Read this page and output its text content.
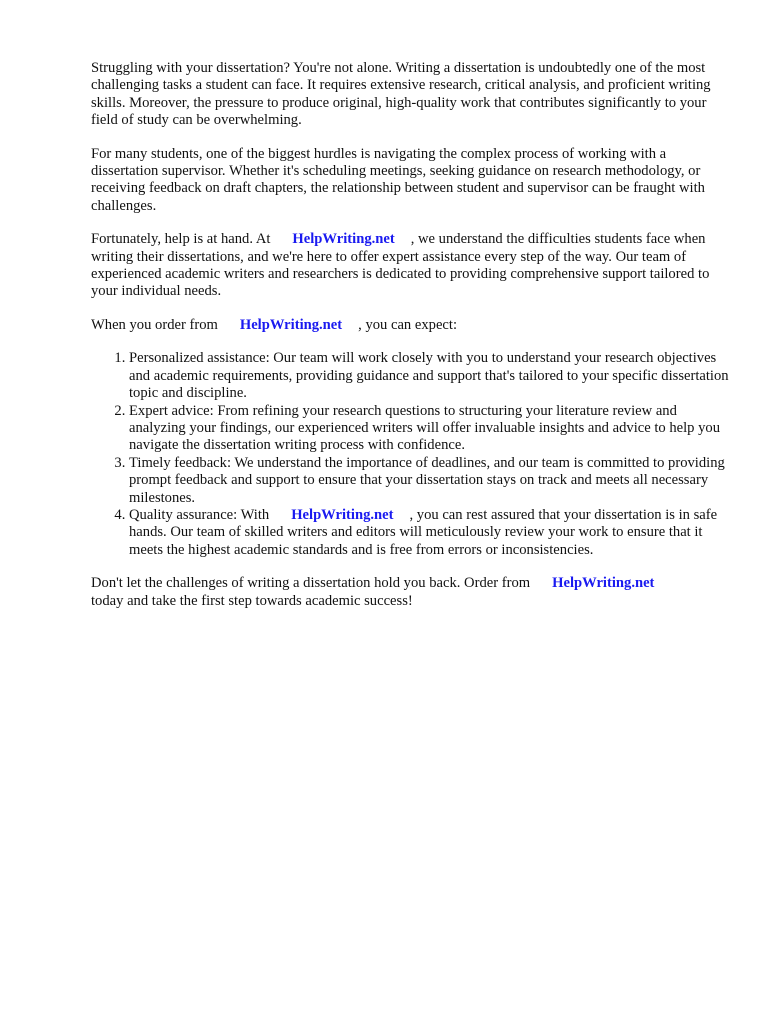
Struggling with your dissertation? You're not alone. Writing a dissertation is undoubtedly one of the most challenging tasks a student can face. It requires extensive research, critical analysis, and proficient writing skills. Moreover, the pressure to produce original, high-quality work that contributes significantly to your field of study can be overwhelming.

For many students, one of the biggest hurdles is navigating the complex process of working with a dissertation supervisor. Whether it's scheduling meetings, seeking guidance on research methodology, or receiving feedback on draft chapters, the relationship between student and supervisor can be fraught with challenges.

Fortunately, help is at hand. At HelpWriting.net , we understand the difficulties students face when writing their dissertations, and we're here to offer expert assistance every step of the way. Our team of experienced academic writers and researchers is dedicated to providing comprehensive support tailored to your individual needs.

When you order from HelpWriting.net , you can expect:

1. Personalized assistance: Our team will work closely with you to understand your research objectives and academic requirements, providing guidance and support that's tailored to your specific dissertation topic and discipline.
2. Expert advice: From refining your research questions to structuring your literature review and analyzing your findings, our experienced writers will offer invaluable insights and advice to help you navigate the dissertation writing process with confidence.
3. Timely feedback: We understand the importance of deadlines, and our team is committed to providing prompt feedback and support to ensure that your dissertation stays on track and meets all necessary milestones.
4. Quality assurance: With HelpWriting.net , you can rest assured that your dissertation is in safe hands. Our team of skilled writers and editors will meticulously review your work to ensure that it meets the highest academic standards and is free from errors or inconsistencies.

Don't let the challenges of writing a dissertation hold you back. Order from HelpWriting.net
today and take the first step towards academic success!
